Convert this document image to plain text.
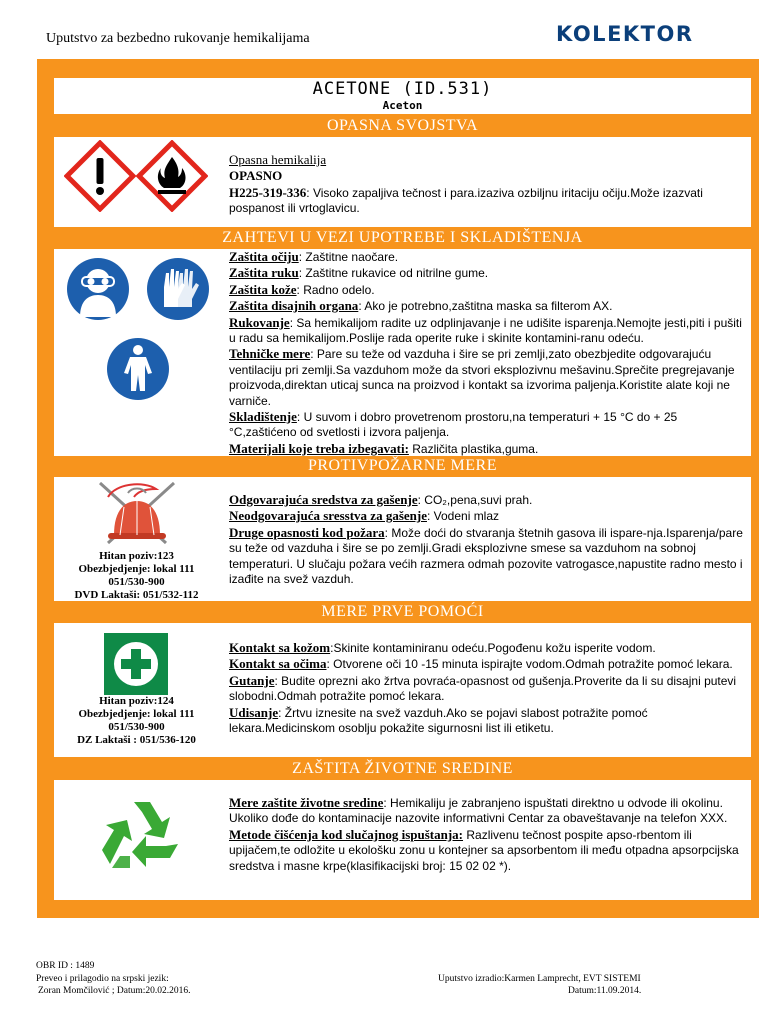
Uputstvo za bezbedno rukovanje hemikalijama	KOLEKTOR
ACETONE (ID.531)
Aceton
OPASNA SVOJSTVA

Opasna hemikalija

OPASNO

H225-319-336: Visoko zapaljiva tečnost i para.izaziva ozbiljnu iritaciju očiju.Može izazvati pospanost ili vrtoglavicu.

ZAHTEVI U VEZI UPOTREBE I SKLADIŠTENJA

Zaštita očiju: Zaštitne naočare.

Zaštita ruku: Zaštitne rukavice od nitrilne gume.

Zaštita kože: Radno odelo.

Zaštita disajnih organa: Ako je potrebno,zaštitna maska sa filterom AX.

Rukovanje: Sa hemikalijom radite uz odplinjavanje i ne udišite isparenja.Nemojte jesti,piti i pušiti u radu sa hemikalijom.Poslije rada operite ruke i skinite kontamini-ranu odeću.

Tehničke mere: Pare su teže od vazduha i šire se pri zemlji,zato obezbjedite odgovarajuću ventilaciju pri zemlji.Sa vazduhom može da stvori eksplozivnu mešavinu.Sprečite pregrejavanje proizvoda,direktan uticaj sunca na proizvod i kontakt sa izvorima paljenja.Koristite alate koji ne varniče.

Skladištenje: U suvom i dobro provetrenom prostoru,na temperaturi + 15 °C do + 25 °C,zaštićeno od svetlosti i izvora paljenja.

Materijali koje treba izbegavati: Različita plastika,guma.

PROTIVPOŽARNE MERE
Hitan poziv:123
Obezbjedjenje: lokal 111
051/530-900
DVD Laktaši: 051/532-112

Odgovarajuća sredstva za gašenje: CO₂,pena,suvi prah.

Neodgovarajuća sresstva za gašenje: Vodeni mlaz

Druge opasnosti kod požara: Može doći do stvaranja štetnih gasova ili ispare-nja.Isparenja/pare su teže od vazduha i šire se po zemlji.Gradi eksplozivne smese sa vazduhom na sobnoj temperaturi. U slučaju požara većih razmera odmah pozovite vatrogasce,napustite radno mesto i izađite na svež vazduh.

MERE PRVE POMOĆI
Hitan poziv:124
Obezbjedjenje: lokal 111
051/530-900
DZ Laktaši : 051/536-120

Kontakt sa kožom:Skinite kontaminiranu odeću.Pogođenu kožu isperite vodom.

Kontakt sa očima: Otvorene oči 10 -15 minuta ispirajte vodom.Odmah potražite pomoć lekara.

Gutanje: Budite oprezni ako žrtva povraća-opasnost od gušenja.Proverite da li su disajni putevi slobodni.Odmah potražite pomoć lekara.

Udisanje: Žrtvu iznesite na svež vazduh.Ako se pojavi slabost potražite pomoć lekara.Medicinskom osoblju pokažite sigurnosni list ili etiketu.

ZAŠTITA ŽIVOTNE SREDINE

Mere zaštite životne sredine: Hemikaliju je zabranjeno ispuštati direktno u odvode ili okolinu. Ukoliko dođe do kontaminacije nazovite informativni Centar za obaveštavanje na telefon XXX.

Metode čišćenja kod slučajnog ispuštanja: Razlivenu tečnost pospite apso-rbentom ili upijačem,te odložite u ekološku zonu u kontejner sa apsorbentom ili među otpadna apsorpcijska sredstva i masne krpe(klasifikacijski broj: 15 02 02 *).

OBR ID : 1489
Preveo i prilagodio na srpski jezik:
Zoran Momčilović ; Datum:20.02.2016.
Uputstvo izradio:Karmen Lamprecht, EVT SISTEMI
Datum:11.09.2014.
